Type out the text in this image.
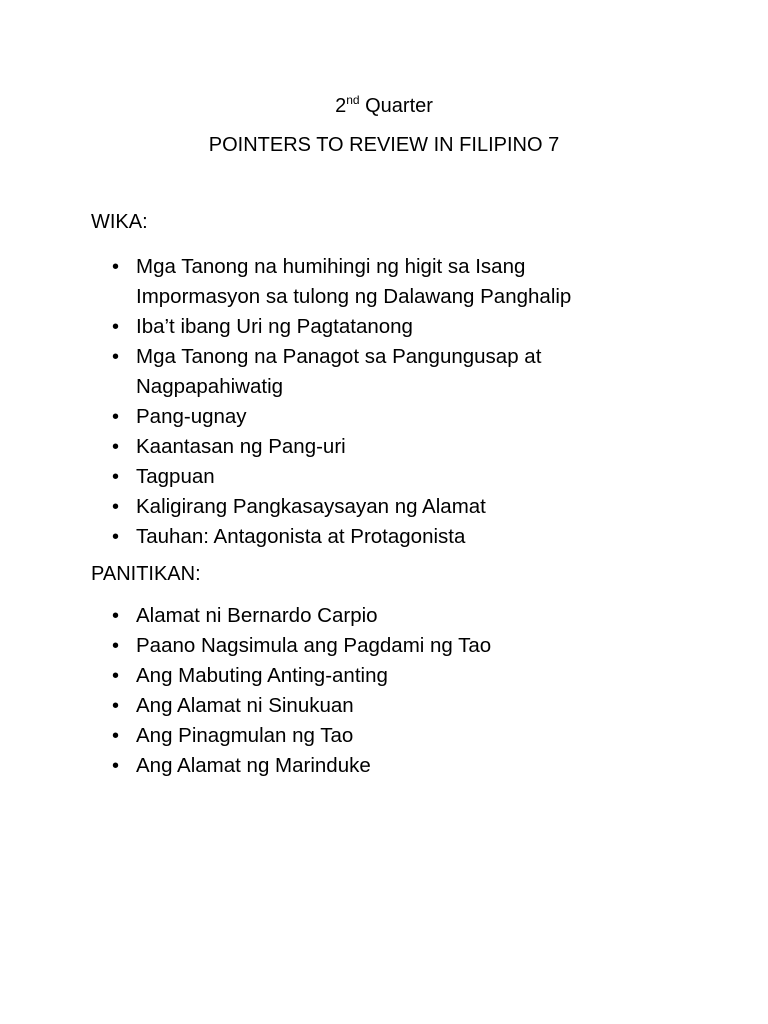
2nd Quarter
POINTERS TO REVIEW IN FILIPINO 7
WIKA:
• Mga Tanong na humihingi ng higit sa Isang
Impormasyon sa tulong ng Dalawang Panghalip
• Iba’t ibang Uri ng Pagtatanong
• Mga Tanong na Panagot sa Pangungusap at
Nagpapahiwatig
• Pang-ugnay
• Kaantasan ng Pang-uri
• Tagpuan
• Kaligirang Pangkasaysayan ng Alamat
• Tauhan: Antagonista at Protagonista
PANITIKAN:
• Alamat ni Bernardo Carpio
• Paano Nagsimula ang Pagdami ng Tao
• Ang Mabuting Anting-anting
• Ang Alamat ni Sinukuan
• Ang Pinagmulan ng Tao
• Ang Alamat ng Marinduke
